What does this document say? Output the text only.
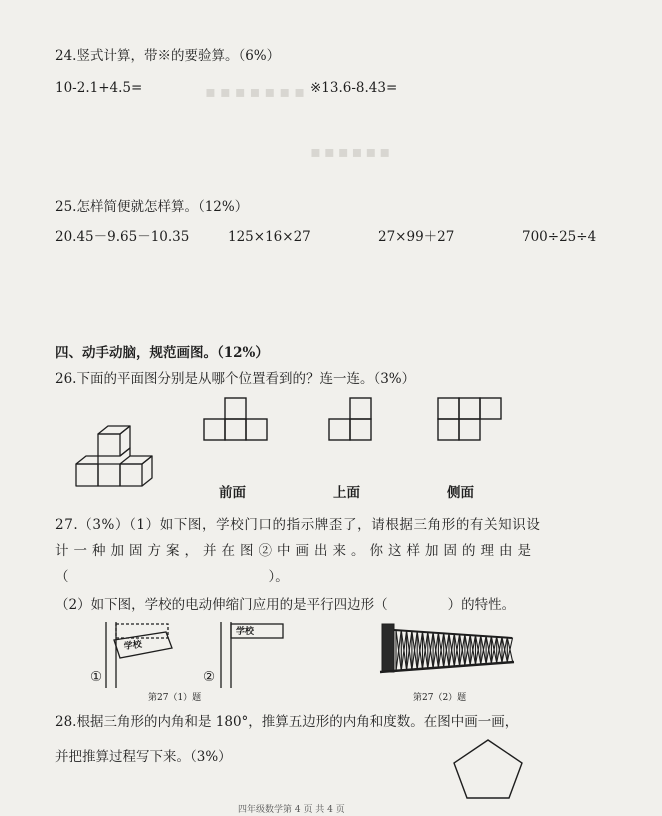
▪▪▪▪▪▪▪
▪▪▪▪▪▪
24.竖式计算，带※的要验算。（6%）
10-2.1+4.5=	※13.6-8.43=
25.怎样简便就怎样算。（12%）
20.45－9.65－10.35	125×16×27	27×99＋27	700÷25÷4
四、动手动脑，规范画图。（12%）
26.下面的平面图分别是从哪个位置看到的？连一连。（3%）
前面	上面	侧面
27.（3%）（1）如下图，学校门口的指示牌歪了，请根据三角形的有关知识设
计一种加固方案，并在图②中画出来。你这样加固的理由是
（	）。
（2）如下图，学校的电动伸缩门应用的是平行四边形（	）的特性。
学校
①
学校
②
第27（1）题	第27（2）题
28.根据三角形的内角和是 180°，推算五边形的内角和度数。在图中画一画，
并把推算过程写下来。（3%）
四年级数学第 4 页 共 4 页
